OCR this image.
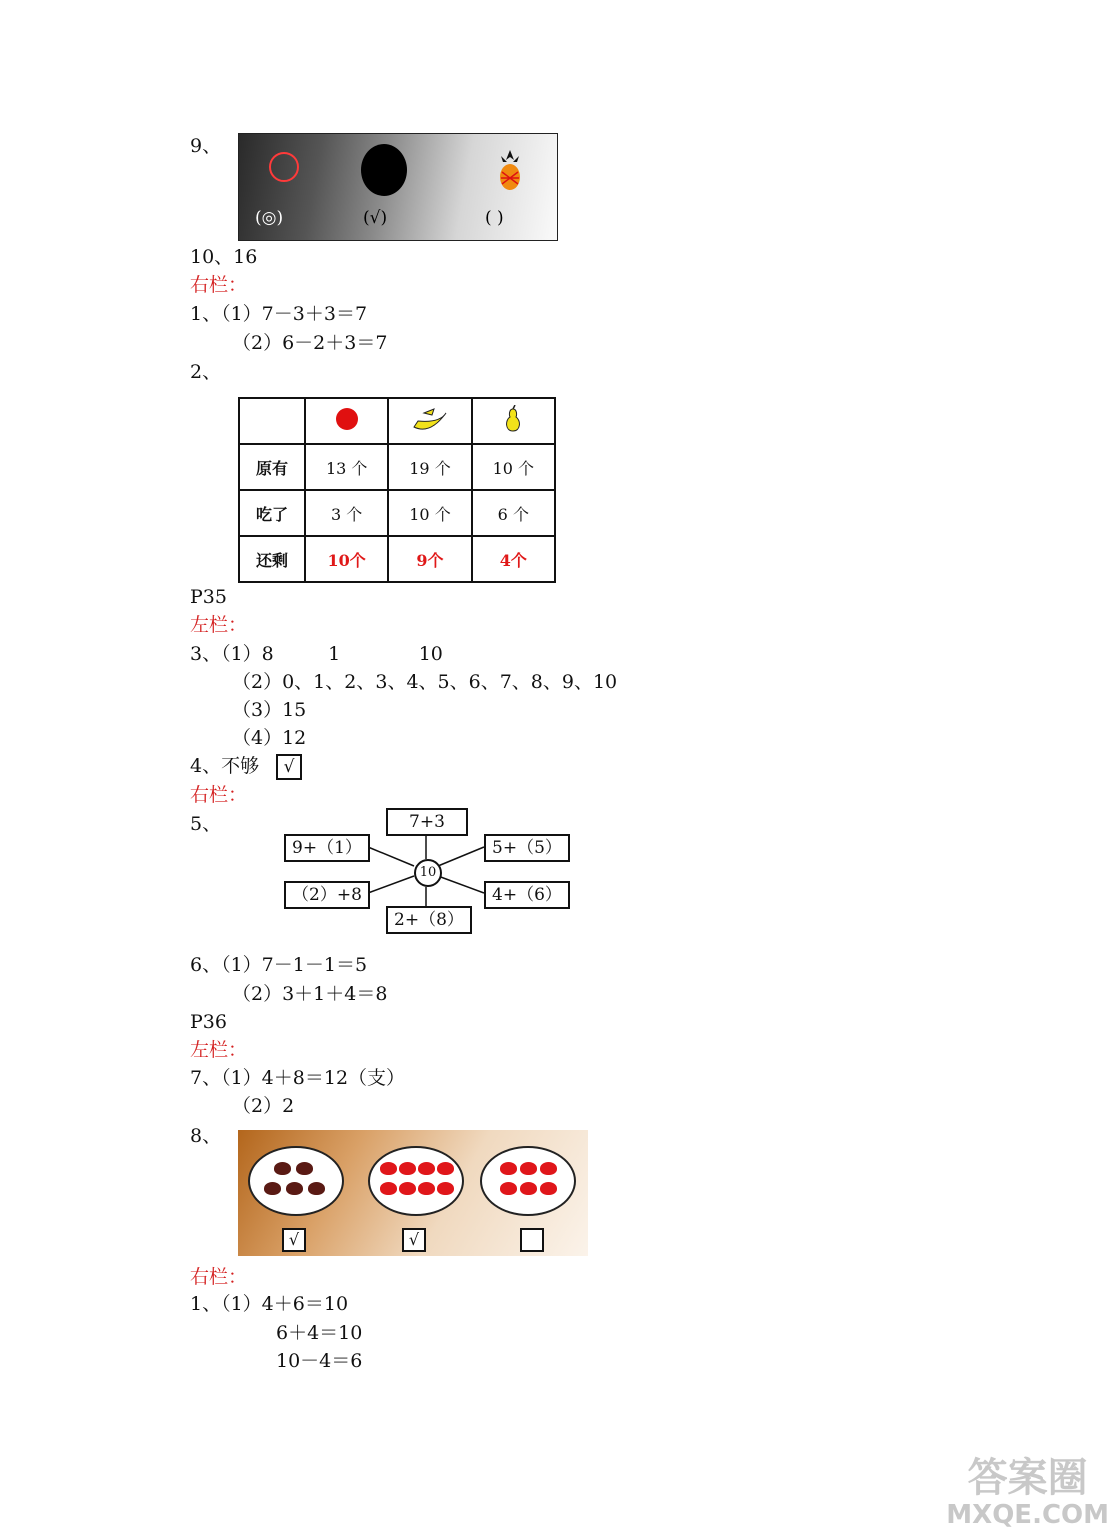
9、
(◎)	(√)	( )
10、16
右栏：
1、（1）7－3＋3＝7
（2）6－2＋3＝7
2、

原有	13 个	19 个	10 个
吃了	3 个	10 个	6 个
还剩	10个	9个	4个
P35
左栏：
3、（1）8         1             10
（2）0、1、2、3、4、5、6、7、8、9、10
（3）15
（4）12
4、不够	√
右栏：
5、	7+3
9+（1）
（2）+8
5+（5）
4+（6）
2+（8）
10
6、（1）7－1－1＝5
（2）3＋1＋4＝8
P36
左栏：
7、（1）4＋8＝12（支）
（2）2
8、
√	√
右栏：
1、（1）4＋6＝10
6＋4＝10
10－4＝6
答案圈
MXQE.COM
